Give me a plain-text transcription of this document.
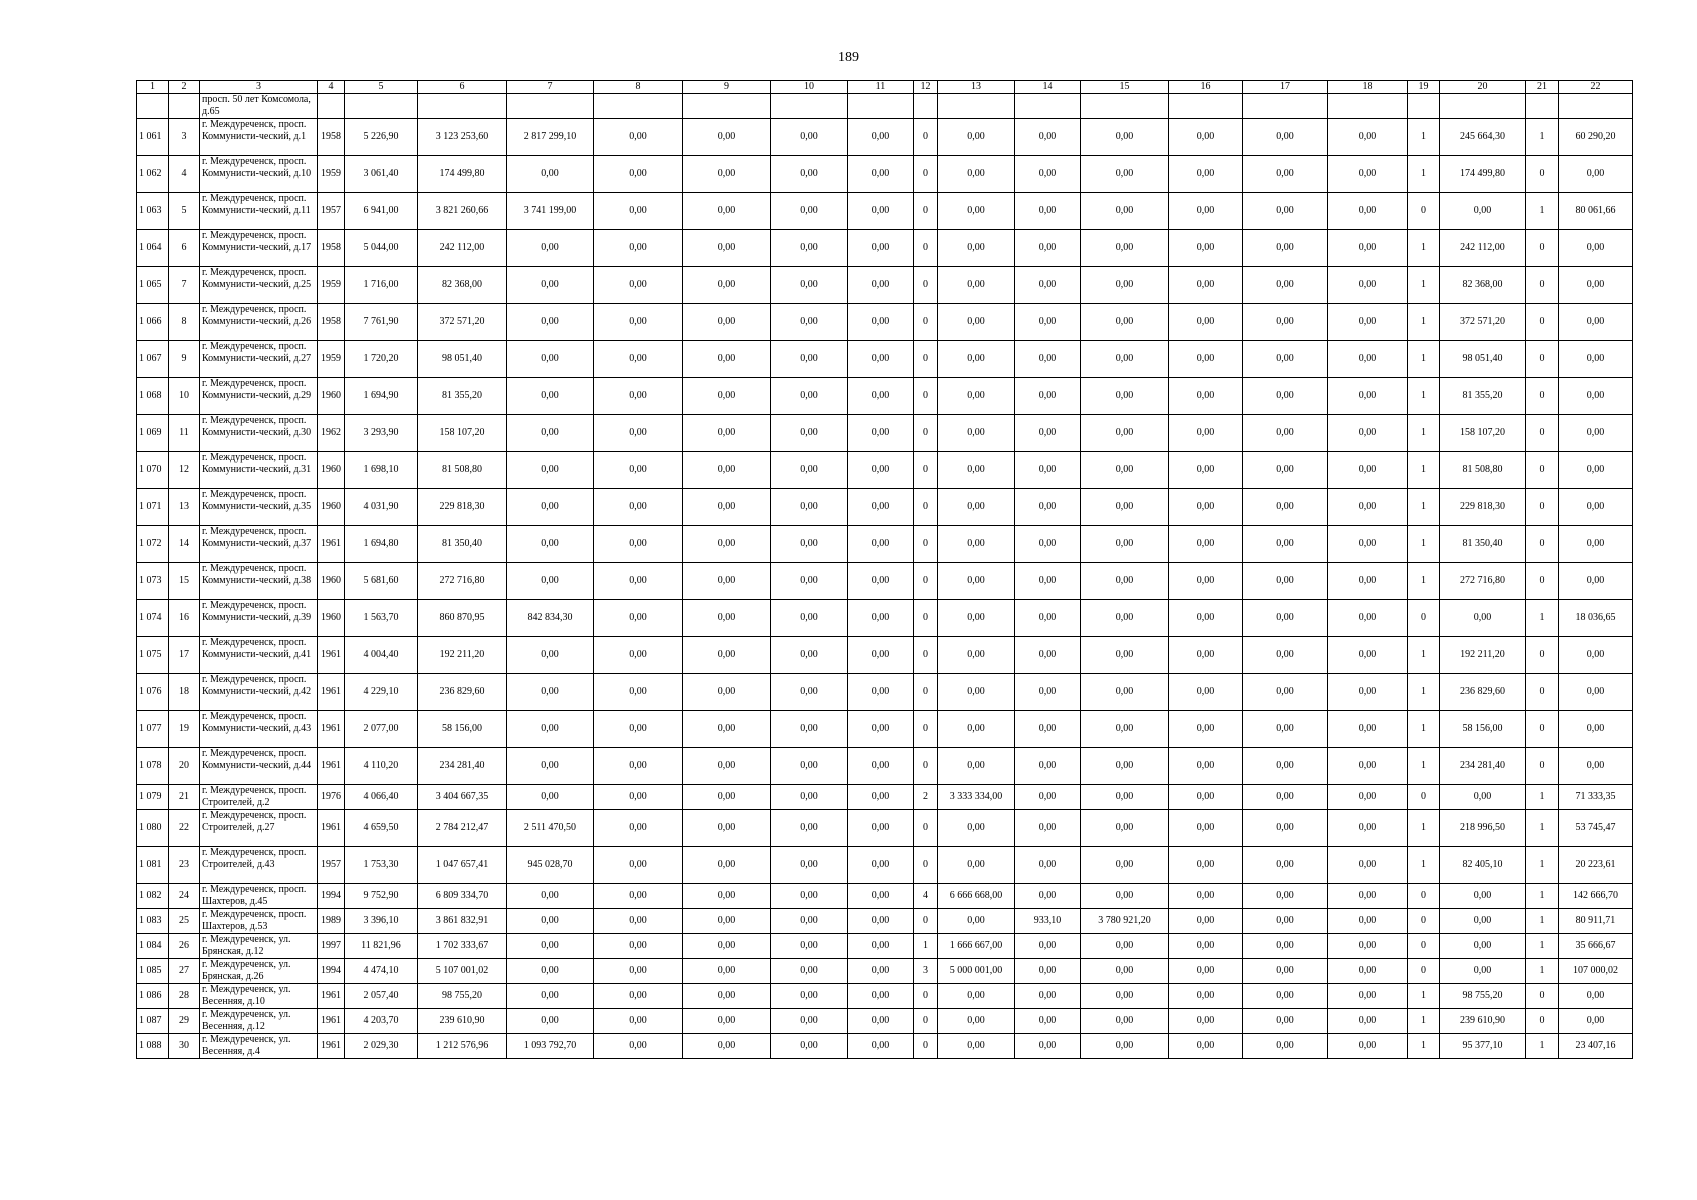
189
1	2	3	4	5	6	7	8	9	10	11	12	13	14	15	16	17	18	19	20	21	22
		просп. 50 лет Комсомола, д.65																			
1 061	3	г. Междуреченск, просп. Коммунисти-ческий, д.1	1958	5 226,90	3 123 253,60	2 817 299,10	0,00	0,00	0,00	0,00	0	0,00	0,00	0,00	0,00	0,00	0,00	1	245 664,30	1	60 290,20
1 062	4	г. Междуреченск, просп. Коммунисти-ческий, д.10	1959	3 061,40	174 499,80	0,00	0,00	0,00	0,00	0,00	0	0,00	0,00	0,00	0,00	0,00	0,00	1	174 499,80	0	0,00
1 063	5	г. Междуреченск, просп. Коммунисти-ческий, д.11	1957	6 941,00	3 821 260,66	3 741 199,00	0,00	0,00	0,00	0,00	0	0,00	0,00	0,00	0,00	0,00	0,00	0	0,00	1	80 061,66
1 064	6	г. Междуреченск, просп. Коммунисти-ческий, д.17	1958	5 044,00	242 112,00	0,00	0,00	0,00	0,00	0,00	0	0,00	0,00	0,00	0,00	0,00	0,00	1	242 112,00	0	0,00
1 065	7	г. Междуреченск, просп. Коммунисти-ческий, д.25	1959	1 716,00	82 368,00	0,00	0,00	0,00	0,00	0,00	0	0,00	0,00	0,00	0,00	0,00	0,00	1	82 368,00	0	0,00
1 066	8	г. Междуреченск, просп. Коммунисти-ческий, д.26	1958	7 761,90	372 571,20	0,00	0,00	0,00	0,00	0,00	0	0,00	0,00	0,00	0,00	0,00	0,00	1	372 571,20	0	0,00
1 067	9	г. Междуреченск, просп. Коммунисти-ческий, д.27	1959	1 720,20	98 051,40	0,00	0,00	0,00	0,00	0,00	0	0,00	0,00	0,00	0,00	0,00	0,00	1	98 051,40	0	0,00
1 068	10	г. Междуреченск, просп. Коммунисти-ческий, д.29	1960	1 694,90	81 355,20	0,00	0,00	0,00	0,00	0,00	0	0,00	0,00	0,00	0,00	0,00	0,00	1	81 355,20	0	0,00
1 069	11	г. Междуреченск, просп. Коммунисти-ческий, д.30	1962	3 293,90	158 107,20	0,00	0,00	0,00	0,00	0,00	0	0,00	0,00	0,00	0,00	0,00	0,00	1	158 107,20	0	0,00
1 070	12	г. Междуреченск, просп. Коммунисти-ческий, д.31	1960	1 698,10	81 508,80	0,00	0,00	0,00	0,00	0,00	0	0,00	0,00	0,00	0,00	0,00	0,00	1	81 508,80	0	0,00
1 071	13	г. Междуреченск, просп. Коммунисти-ческий, д.35	1960	4 031,90	229 818,30	0,00	0,00	0,00	0,00	0,00	0	0,00	0,00	0,00	0,00	0,00	0,00	1	229 818,30	0	0,00
1 072	14	г. Междуреченск, просп. Коммунисти-ческий, д.37	1961	1 694,80	81 350,40	0,00	0,00	0,00	0,00	0,00	0	0,00	0,00	0,00	0,00	0,00	0,00	1	81 350,40	0	0,00
1 073	15	г. Междуреченск, просп. Коммунисти-ческий, д.38	1960	5 681,60	272 716,80	0,00	0,00	0,00	0,00	0,00	0	0,00	0,00	0,00	0,00	0,00	0,00	1	272 716,80	0	0,00
1 074	16	г. Междуреченск, просп. Коммунисти-ческий, д.39	1960	1 563,70	860 870,95	842 834,30	0,00	0,00	0,00	0,00	0	0,00	0,00	0,00	0,00	0,00	0,00	0	0,00	1	18 036,65
1 075	17	г. Междуреченск, просп. Коммунисти-ческий, д.41	1961	4 004,40	192 211,20	0,00	0,00	0,00	0,00	0,00	0	0,00	0,00	0,00	0,00	0,00	0,00	1	192 211,20	0	0,00
1 076	18	г. Междуреченск, просп. Коммунисти-ческий, д.42	1961	4 229,10	236 829,60	0,00	0,00	0,00	0,00	0,00	0	0,00	0,00	0,00	0,00	0,00	0,00	1	236 829,60	0	0,00
1 077	19	г. Междуреченск, просп. Коммунисти-ческий, д.43	1961	2 077,00	58 156,00	0,00	0,00	0,00	0,00	0,00	0	0,00	0,00	0,00	0,00	0,00	0,00	1	58 156,00	0	0,00
1 078	20	г. Междуреченск, просп. Коммунисти-ческий, д.44	1961	4 110,20	234 281,40	0,00	0,00	0,00	0,00	0,00	0	0,00	0,00	0,00	0,00	0,00	0,00	1	234 281,40	0	0,00
1 079	21	г. Междуреченск, просп. Строителей, д.2	1976	4 066,40	3 404 667,35	0,00	0,00	0,00	0,00	0,00	2	3 333 334,00	0,00	0,00	0,00	0,00	0,00	0	0,00	1	71 333,35
1 080	22	г. Междуреченск, просп. Строителей, д.27	1961	4 659,50	2 784 212,47	2 511 470,50	0,00	0,00	0,00	0,00	0	0,00	0,00	0,00	0,00	0,00	0,00	1	218 996,50	1	53 745,47
1 081	23	г. Междуреченск, просп. Строителей, д.43	1957	1 753,30	1 047 657,41	945 028,70	0,00	0,00	0,00	0,00	0	0,00	0,00	0,00	0,00	0,00	0,00	1	82 405,10	1	20 223,61
1 082	24	г. Междуреченск, просп. Шахтеров, д.45	1994	9 752,90	6 809 334,70	0,00	0,00	0,00	0,00	0,00	4	6 666 668,00	0,00	0,00	0,00	0,00	0,00	0	0,00	1	142 666,70
1 083	25	г. Междуреченск, просп. Шахтеров, д.53	1989	3 396,10	3 861 832,91	0,00	0,00	0,00	0,00	0,00	0	0,00	933,10	3 780 921,20	0,00	0,00	0,00	0	0,00	1	80 911,71
1 084	26	г. Междуреченск, ул. Брянская, д.12	1997	11 821,96	1 702 333,67	0,00	0,00	0,00	0,00	0,00	1	1 666 667,00	0,00	0,00	0,00	0,00	0,00	0	0,00	1	35 666,67
1 085	27	г. Междуреченск, ул. Брянская, д.26	1994	4 474,10	5 107 001,02	0,00	0,00	0,00	0,00	0,00	3	5 000 001,00	0,00	0,00	0,00	0,00	0,00	0	0,00	1	107 000,02
1 086	28	г. Междуреченск, ул. Весенняя, д.10	1961	2 057,40	98 755,20	0,00	0,00	0,00	0,00	0,00	0	0,00	0,00	0,00	0,00	0,00	0,00	1	98 755,20	0	0,00
1 087	29	г. Междуреченск, ул. Весенняя, д.12	1961	4 203,70	239 610,90	0,00	0,00	0,00	0,00	0,00	0	0,00	0,00	0,00	0,00	0,00	0,00	1	239 610,90	0	0,00
1 088	30	г. Междуреченск, ул. Весенняя, д.4	1961	2 029,30	1 212 576,96	1 093 792,70	0,00	0,00	0,00	0,00	0	0,00	0,00	0,00	0,00	0,00	0,00	1	95 377,10	1	23 407,16
